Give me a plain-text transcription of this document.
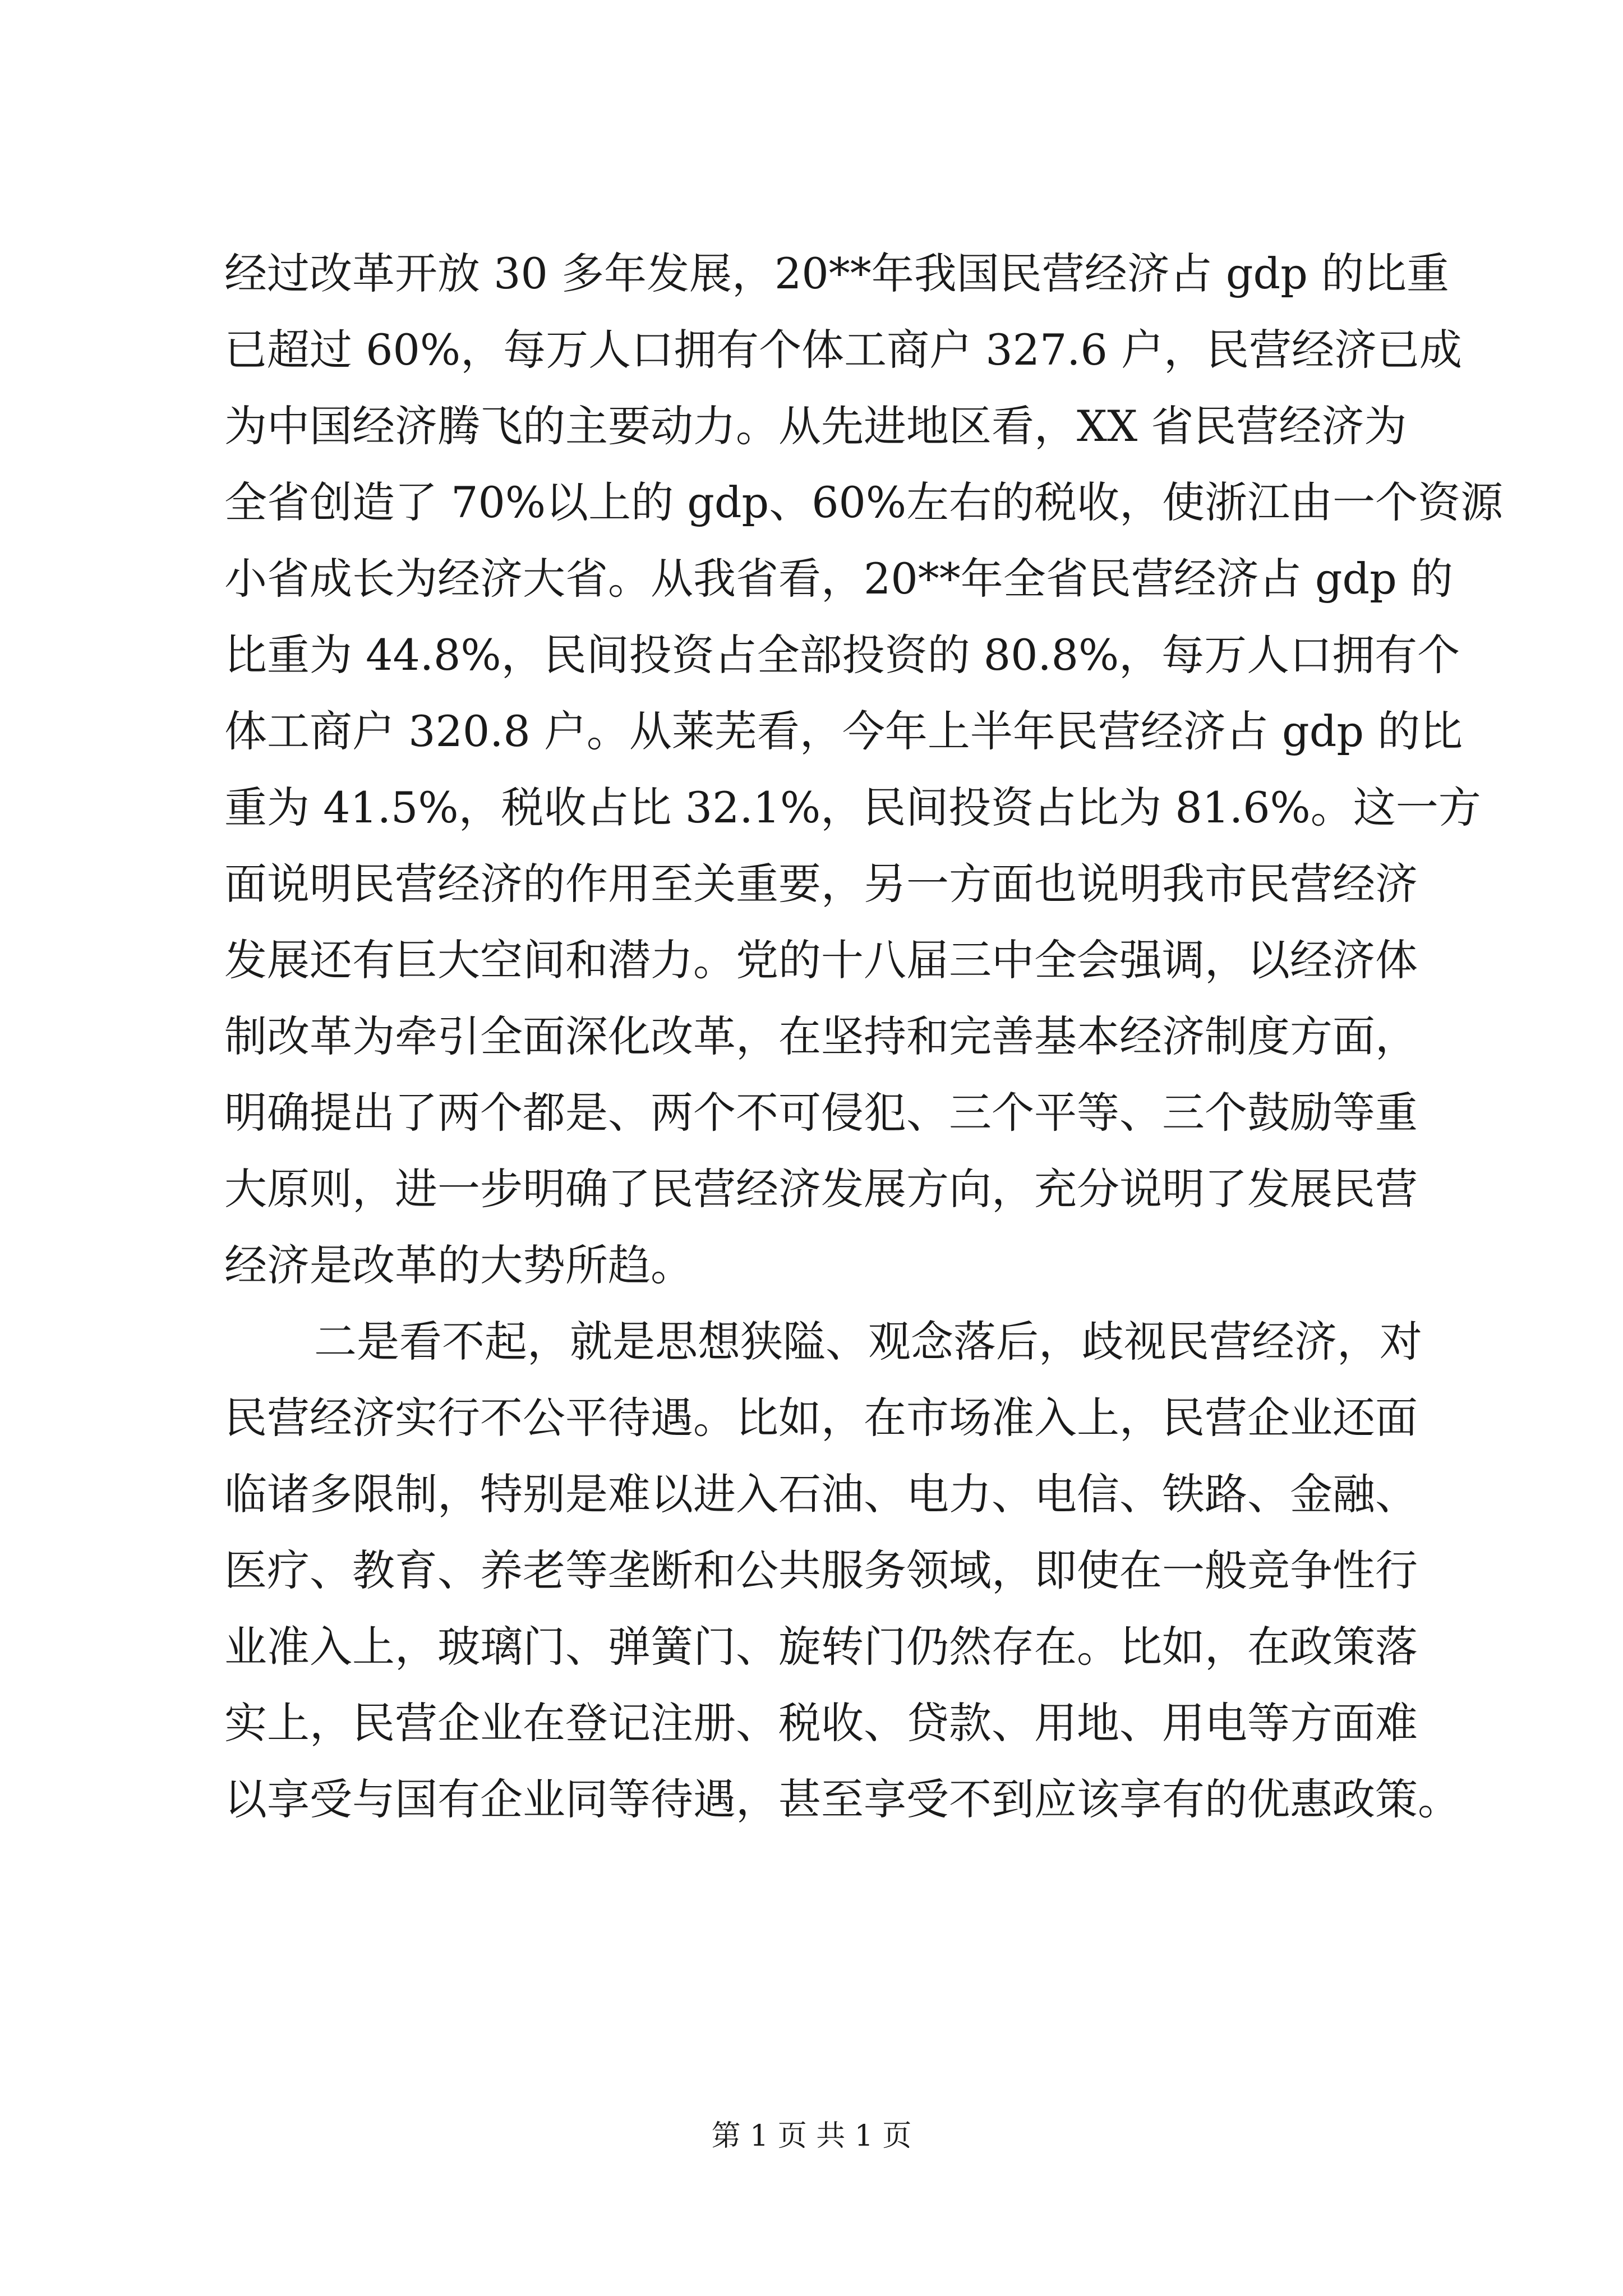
经过改革开放 30 多年发展，20**年我国民营经济占 gdp 的比重
已超过 60%，每万人口拥有个体工商户 327.6 户，民营经济已成
为中国经济腾飞的主要动力。从先进地区看，XX 省民营经济为
全省创造了 70%以上的 gdp、60%左右的税收，使浙江由一个资源
小省成长为经济大省。从我省看，20**年全省民营经济占 gdp 的
比重为 44.8%，民间投资占全部投资的 80.8%，每万人口拥有个
体工商户 320.8 户。从莱芜看，今年上半年民营经济占 gdp 的比
重为 41.5%，税收占比 32.1%，民间投资占比为 81.6%。这一方
面说明民营经济的作用至关重要，另一方面也说明我市民营经济
发展还有巨大空间和潜力。党的十八届三中全会强调，以经济体
制改革为牵引全面深化改革，在坚持和完善基本经济制度方面，
明确提出了两个都是、两个不可侵犯、三个平等、三个鼓励等重
大原则，进一步明确了民营经济发展方向，充分说明了发展民营
经济是改革的大势所趋。
二是看不起，就是思想狭隘、观念落后，歧视民营经济，对
民营经济实行不公平待遇。比如，在市场准入上，民营企业还面
临诸多限制，特别是难以进入石油、电力、电信、铁路、金融、
医疗、教育、养老等垄断和公共服务领域，即使在一般竞争性行
业准入上，玻璃门、弹簧门、旋转门仍然存在。比如，在政策落
实上，民营企业在登记注册、税收、贷款、用地、用电等方面难
以享受与国有企业同等待遇，甚至享受不到应该享有的优惠政策。
第 1 页 共 1 页
